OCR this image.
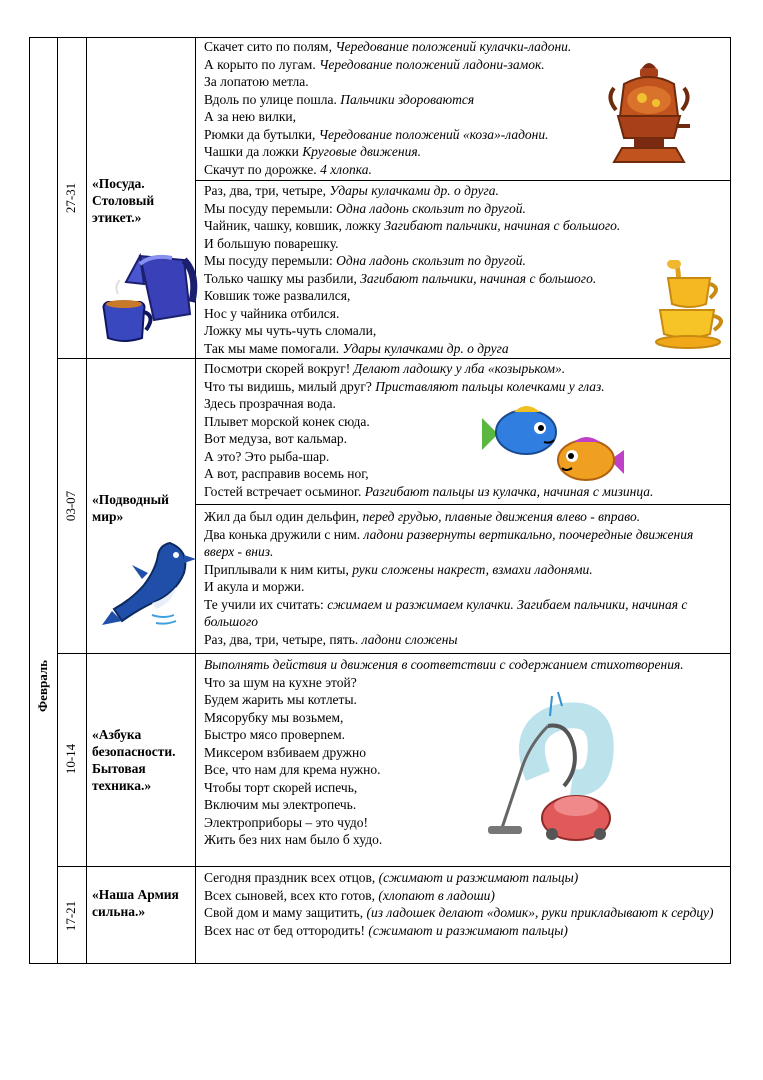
Февраль
27-31
03-07
10-14
17-21
«Посуда. Столовый этикет.»
«Подводный мир»
«Азбука безопасности. Бытовая техника.»
«Наша Армия сильна.»
Скачет сито по полям, Чередование положений кулачки-ладони.
А корыто по лугам. Чередование положений ладони-замок.
За лопатою метла.
Вдоль по улице пошла. Пальчики здороваются
А за нею вилки,
Рюмки да бутылки, Чередование положений «коза»-ладони.
Чашки да ложки Круговые движения.
Скачут по дорожке. 4 хлопка.
Раз, два, три, четыре, Удары кулачками др. о друга.
Мы посуду перемыли: Одна ладонь скользит по другой.
Чайник, чашку, ковшик, ложку Загибают пальчики, начиная с большого.
И большую поварешку.
Мы посуду перемыли: Одна ладонь скользит по другой.
Только чашку мы разбили, Загибают пальчики, начиная с большого.
Ковшик тоже развалился,
Нос у чайника отбился.
Ложку мы чуть-чуть сломали,
Так мы маме помогали. Удары кулачками др. о друга
Посмотри скорей вокруг! Делают ладошку у лба «козырьком».
Что ты видишь, милый друг? Приставляют пальцы колечками у глаз.
Здесь прозрачная вода.
Плывет морской конек сюда.
Вот медуза, вот кальмар.
А это? Это рыба-шар.
А вот, расправив восемь ног,
Гостей встречает осьминог. Разгибают пальцы из кулачка, начиная с мизинца.
Жил да был один дельфин, перед грудью, плавные движения влево - вправо.
Два конька дружили с ним. ладони развернуты вертикально, поочередные движения вверх - вниз.
Приплывали к ним киты, руки сложены накрест, взмахи ладонями.
И акула и моржи.
Те учили их считать: сжимаем и разжимаем кулачки. Загибаем пальчики, начиная с большого
Раз, два, три, четыре, пять. ладони сложены
Выполнять действия и движения в соответствии с содержанием стихотворения.
Что за шум на кухне этой?
Будем жарить мы котлеты.
Мясорубку мы возьмем,
Быстро мясо проверnем.
Миксером взбиваем дружно
Все, что нам для крема нужно.
Чтобы торт скорей испечь,
Включим мы электропечь.
Электроприборы – это чудо!
Жить без них нам было б худо.
Сегодня праздник всех отцов, (сжимают и разжимают пальцы)
Всех сыновей, всех кто готов, (хлопают в ладоши)
Свой дом и маму защитить, (из ладошек делают «домик», руки прикладывают к сердцу)
Всех нас от бед оттородить! (сжимают и разжимают пальцы)
